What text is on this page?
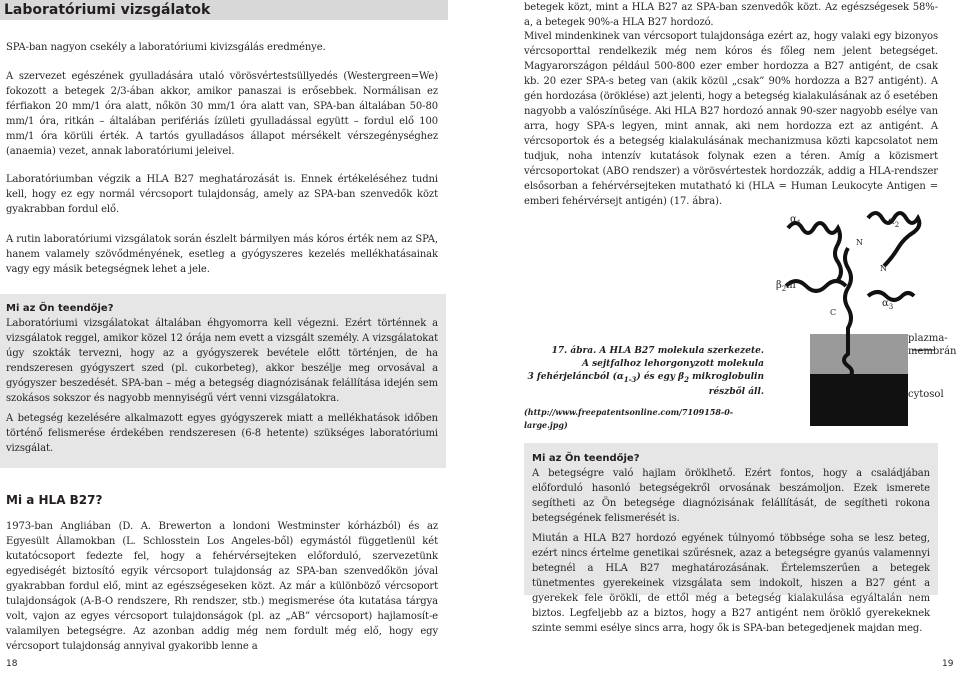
Laboratóriumi vizsgálatok

SPA-ban nagyon csekély a laboratóriumi kivizsgálás eredménye.

A szervezet egészének gyulladására utaló vörösvértestsüllyedés (Westergreen=We) fokozott a betegek 2/3-ában akkor, amikor panaszai is erősebbek. Normálisan ez férfiakon 20 mm/1 óra alatt, nőkön 30 mm/1 óra alatt van, SPA-ban általában 50-80 mm/1 óra, ritkán – általában perifériás ízületi gyulladással együtt – fordul elő 100 mm/1 óra körüli érték. A tartós gyulladásos állapot mérsékelt vérszegénységhez (anaemia) vezet, annak laboratóriumi jeleivel.

Laboratóriumban végzik a HLA B27 meghatározását is. Ennek értékeléséhez tudni kell, hogy ez egy normál vércsoport tulajdonság, amely az SPA-ban szenvedők közt gyakrabban fordul elő.

A rutin laboratóriumi vizsgálatok során észlelt bármilyen más kóros érték nem az SPA, hanem valamely szövődményének, esetleg a gyógyszeres kezelés mellékhatásainak vagy egy másik betegségnek lehet a jele.

Mi az Ön teendője?

Laboratóriumi vizsgálatokat általában éhgyomorra kell végezni. Ezért történnek a vizsgálatok reggel, amikor közel 12 órája nem evett a vizsgált személy. A vizsgálatokat úgy szokták tervezni, hogy az a gyógyszerek bevétele előtt történjen, de ha rendszeresen gyógyszert szed (pl. cukorbeteg), akkor beszélje meg orvosával a gyógyszer beszedését. SPA-ban – még a betegség diagnózisának felállítása idején sem szokásos sokszor és nagyobb mennyiségű vért venni vizsgálatokra.

A betegség kezelésére alkalmazott egyes gyógyszerek miatt a mellékhatások időben történő felismerése érdekében rendszeresen (6-8 hetente) szükséges laboratóriumi vizsgálat.

Mi a HLA B27?

1973-ban Angliában (D. A. Brewerton a londoni Westminster kórházból) és az Egyesült Államokban (L. Schlosstein Los Angeles-ből) egymástól függetlenül két kutatócsoport fedezte fel, hogy a fehérvérsejteken előforduló, szervezetünk egyediségét biztosító egyik vércsoport tulajdonság az SPA-ban szenvedőkön jóval gyakrabban fordul elő, mint az egészségeseken közt. Az már a különböző vércsoport tulajdonságok (A-B-O rendszere, Rh rendszer, stb.) megismerése óta kutatása tárgya volt, vajon az egyes vércsoport tulajdonságok (pl. az „AB” vércsoport) hajlamosít-e valamilyen betegségre. Az azonban addig még nem fordult még elő, hogy egy vércsoport tulajdonság annyival gyakoribb lenne a

18

betegek közt, mint a HLA B27 az SPA-ban szenvedők közt. Az egészségesek 58%-a, a betegek 90%-a HLA B27 hordozó.

Mivel mindenkinek van vércsoport tulajdonsága ezért az, hogy valaki egy bizonyos vércsoporttal rendelkezik még nem kóros és főleg nem jelent betegséget. Magyarországon például 500-800 ezer ember hordozza a B27 antigént, de csak kb. 20 ezer SPA-s beteg van (akik közül „csak” 90% hordozza a B27 antigént). A gén hordozása (öröklése) azt jelenti, hogy a betegség kialakulásának az ő esetében nagyobb a valószínűsége. Aki HLA B27 hordozó annak 90-szer nagyobb esélye van arra, hogy SPA-s legyen, mint annak, aki nem hordozza ezt az antigént. A vércsoportok és a betegség kialakulásának mechanizmusa közti kapcsolatot nem tudjuk, noha intenzív kutatások folynak ezen a téren. Amíg a közismert vércsoportokat (ABO rendszer) a vörösvértestek hordozzák, addig a HLA-rendszer elsősorban a fehérvérsejteken mutatható ki (HLA = Human Leukocyte Antigen = emberi fehérvérsejt antigén) (17. ábra).

$\alpha_1$	$\alpha_2$
$\alpha_3$
$\beta_2m$
N
N
C
plazma-
membrán
cytosol
17. ábra. A HLA B27 molekula szerkezete.
A sejtfalhoz lehorgonyzott molekula
3 fehérjeláncból $(\alpha_{1-3})$ és egy $\beta_2$ mikroglobulin
részből áll.
(http://www.freepatentsonline.com/7109158-0-large.jpg)
Mi az Ön teendője?

A betegségre való hajlam öröklhető. Ezért fontos, hogy a családjában előforduló hasonló betegségekről orvosának beszámoljon. Ezek ismerete segítheti az Ön betegsége diagnózisának felállítását, de segítheti rokona betegségének felismerését is.

Miután a HLA B27 hordozó egyének túlnyomó többsége soha se lesz beteg, ezért nincs értelme genetikai szűrésnek, azaz a betegségre gyanús valamennyi betegnél a HLA B27 meghatározásának. Értelemszerűen a betegek tünetmentes gyerekeinek vizsgálata sem indokolt, hiszen a B27 gént a gyerekek fele örökli, de ettől még a betegség kialakulása egyáltalán nem biztos. Legfeljebb az a biztos, hogy a B27 antigént nem öröklő gyerekeknek szinte semmi esélye sincs arra, hogy ők is SPA-ban betegedjenek majdan meg.

19
